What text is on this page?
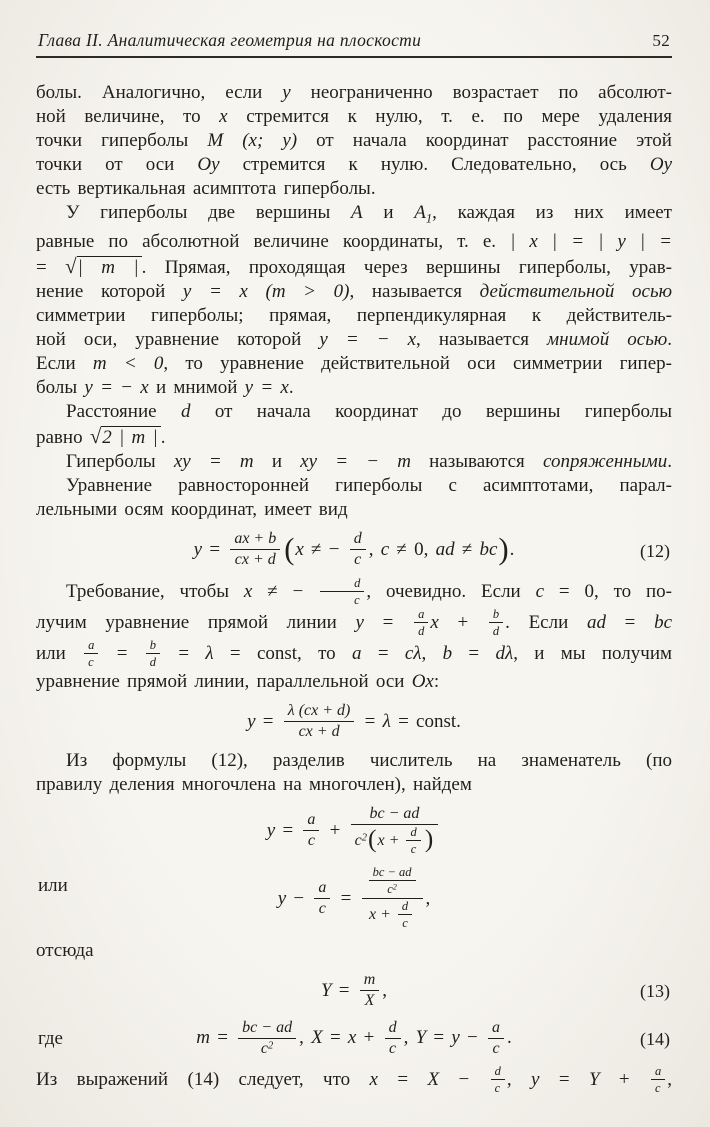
Глава II. Аналитическая геометрия на плоскости	52
болы. Аналогично, если y неограниченно возрастает по абсолют-
ной величине, то x стремится к нулю, т. е. по мере удаления
точки гиперболы M (x; y) от начала координат расстояние этой
точки от оси Oy стремится к нулю. Следовательно, ось Oy
есть вертикальная асимптота гиперболы.
У гиперболы две вершины A и $A_1$, каждая из них имеет
равные по абсолютной величине координаты, т. е. | x | = | y | =
= √| m | . Прямая, проходящая через вершины гиперболы, урав-
нение которой y = x (m > 0), называется действительной осью
симметрии гиперболы; прямая, перпендикулярная к действитель-
ной оси, уравнение которой y = − x, называется мнимой осью.
Если m < 0, то уравнение действительной оси симметрии гипер-
болы y = − x и мнимой y = x.
Расстояние d от начала координат до вершины гиперболы
равно √2 | m | .
Гиперболы xy = m и xy = − m называются сопряженными.
Уравнение равносторонней гиперболы с асимптотами, парал-
лельными осям координат, имеет вид
$y = \frac{ax + b}{cx + d} (x$ ≠ − $\frac{d}{c}$ , c ≠ 0, ad ≠ bc).	(12)
Требование, чтобы x ≠ − $\frac{d}{c}$ , очевидно. Если c = 0, то по-
лучим уравнение прямой линии $y = \frac{a}{d}$ $x + \frac{b}{d}$ . Если ad = bc
или $\frac{a}{c} = \frac{b}{d} = \lambda$ = const, то a = cλ, b = dλ, и мы получим
уравнение прямой линии, параллельной оси Ox:
$y = \frac{\lambda (cx + d)}{cx + d} = \lambda$ = const.
Из формулы (12), разделив числитель на знаменатель (по
правилу деления многочлена на многочлен), найдем
$y = \frac{a}{c} + \frac{bc - ad}{c^2(x + \frac{d}{c} )}$
или
$y - \frac{a}{c}$ =
$\frac{bc - ad}{c^2}$
$x + \frac{d}{c}$
,
отсюда
$Y = \frac{m}{X}$ ,	(13)
где	$m = \frac{bc - ad}{c^2}$ , $X = x + \frac{d}{c}$ , $Y = y - \frac{a}{c}$ .	(14)
Из выражений (14) следует, что $x = X - \frac{d}{c}$ , $y = Y + \frac{a}{c}$ ,
